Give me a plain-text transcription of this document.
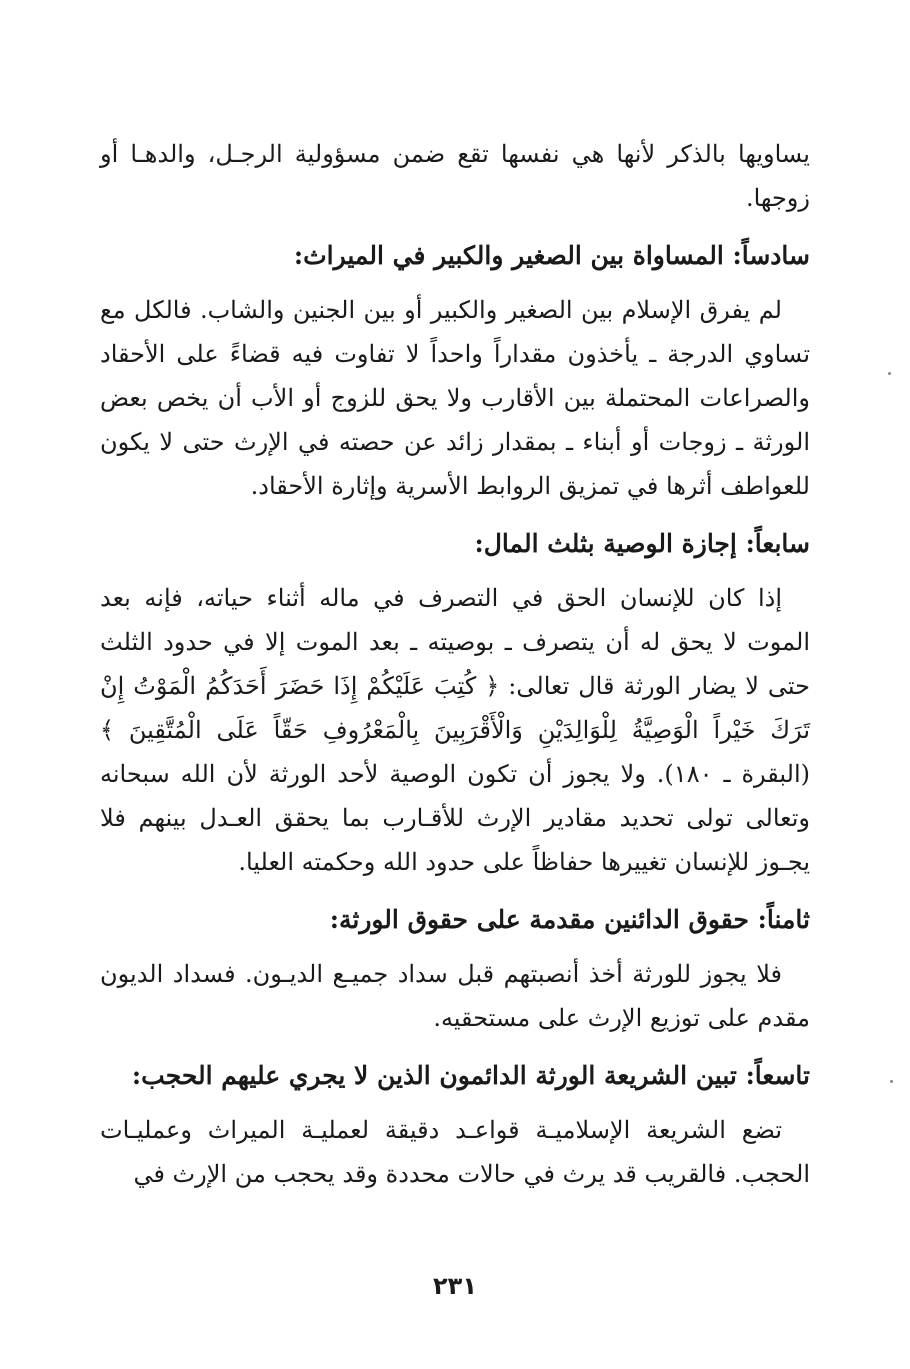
يساويها بالذكر لأنها هي نفسها تقع ضمن مسؤولية الرجـل، والدهـا أو زوجها.

سادساً: المساواة بين الصغير والكبير في الميراث:

لم يفرق الإسلام بين الصغير والكبير أو بين الجنين والشاب. فالكل مع تساوي الدرجة ـ يأخذون مقداراً واحداً لا تفاوت فيه قضاءً على الأحقاد والصراعات المحتملة بين الأقارب ولا يحق للزوج أو الأب أن يخص بعض الورثة ـ زوجات أو أبناء ـ بمقدار زائد عن حصته في الإرث حتى لا يكون للعواطف أثرها في تمزيق الروابط الأسرية وإثارة الأحقاد.

سابعاً: إجازة الوصية بثلث المال:

إذا كان للإنسان الحق في التصرف في ماله أثناء حياته، فإنه بعد الموت لا يحق له أن يتصرف ـ بوصيته ـ بعد الموت إلا في حدود الثلث حتى لا يضار الورثة قال تعالى: ﴿ كُتِبَ عَلَيْكُمْ إِذَا حَضَرَ أَحَدَكُمُ الْمَوْتُ إِنْ تَرَكَ خَيْراً الْوَصِيَّةُ لِلْوَالِدَيْنِ وَالْأَقْرَبِينَ بِالْمَعْرُوفِ حَقّاً عَلَى الْمُتَّقِينَ ﴾ (البقرة ـ ١٨٠). ولا يجوز أن تكون الوصية لأحد الورثة لأن الله سبحانه وتعالى تولى تحديد مقادير الإرث للأقـارب بما يحقق العـدل بينهم فلا يجـوز للإنسان تغييرها حفاظاً على حدود الله وحكمته العليا.

ثامناً: حقوق الدائنين مقدمة على حقوق الورثة:

فلا يجوز للورثة أخذ أنصبتهم قبل سداد جميـع الديـون. فسداد الديون مقدم على توزيع الإرث على مستحقيه.

تاسعاً: تبين الشريعة الورثة الدائمون الذين لا يجري عليهم الحجب:

تضع الشريعة الإسلاميـة قواعـد دقيقة لعمليـة الميراث وعمليـات الحجب. فالقريب قد يرث في حالات محددة وقد يحجب من الإرث في

٢٣١
